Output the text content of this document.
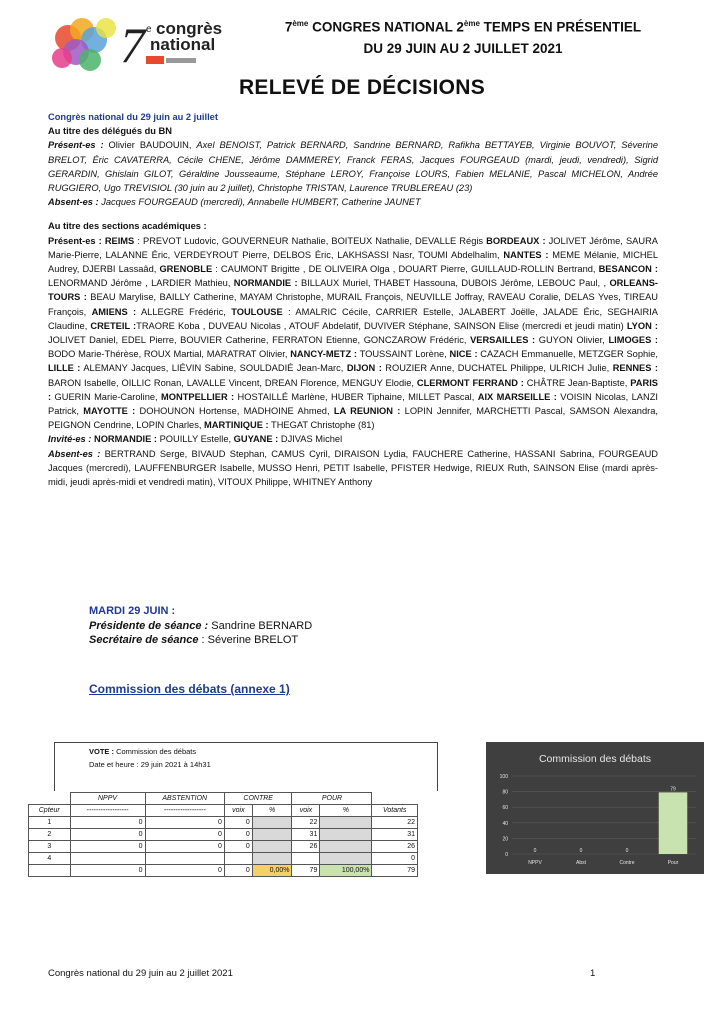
7 e congrès
national
7ème CONGRES NATIONAL 2ème TEMPS EN PRÉSENTIEL
DU 29 JUIN AU 2 JUILLET 2021
RELEVÉ DE DÉCISIONS

Congrès national du 29 juin au 2 juillet

Au titre des délégués du BN

Présent-es : Olivier BAUDOUIN, Axel BENOIST, Patrick BERNARD, Sandrine BERNARD, Rafikha BETTAYEB, Virginie BOUVOT, Séverine BRELOT, Éric CAVATERRA, Cécile CHENE, Jérôme DAMMEREY, Franck FERAS, Jacques FOURGEAUD (mardi, jeudi, vendredi), Sigrid GERARDIN, Ghislain GILOT, Géraldine Jousseaume, Stéphane LEROY, Françoise LOURS, Fabien MELANIE, Pascal MICHELON, Andrée RUGGIERO, Ugo TREVISIOL (30 juin au 2 juillet), Christophe TRISTAN, Laurence TRUBLEREAU (23)

Absent-es : Jacques FOURGEAUD (mercredi), Annabelle HUMBERT, Catherine JAUNET

Au titre des sections académiques :

Présent-es : REIMS : PREVOT Ludovic, GOUVERNEUR Nathalie, BOITEUX Nathalie, DEVALLE Régis BORDEAUX : JOLIVET Jérôme, SAURA Marie-Pierre, LALANNE Éric, VERDEYROUT Pierre, DELBOS Éric, LAKHSASSI Nasr, TOUMI Abdelhalim, NANTES : MEME Mélanie, MICHEL Audrey, DJERBI Lassaâd, GRENOBLE : CAUMONT Brigitte , DE OLIVEIRA Olga , DOUART Pierre, GUILLAUD-ROLLIN Bertrand, BESANCON : LENORMAND Jérôme , LARDIER Mathieu, NORMANDIE : BILLAUX Muriel, THABET Hassouna, DUBOIS Jérôme, LEBOUC Paul, , ORLEANS-TOURS : BEAU Marylise, BAILLY Catherine, MAYAM Christophe, MURAIL François, NEUVILLE Joffray, RAVEAU Coralie, DELAS Yves, TIREAU François, AMIENS : ALLEGRE Frédéric, TOULOUSE : AMALRIC Cécile, CARRIER Estelle, JALABERT Joëlle, JALADE Éric, SEGHAIRIA Claudine, CRETEIL :TRAORE Koba , DUVEAU Nicolas , ATOUF Abdelatif, DUVIVER Stéphane, SAINSON Elise (mercredi et jeudi matin) LYON : JOLIVET Daniel, EDEL Pierre, BOUVIER Catherine, FERRATON Etienne, GONCZAROW Frédéric, VERSAILLES : GUYON Olivier, LIMOGES : BODO Marie-Thérèse, ROUX Martial, MARATRAT Olivier, NANCY-METZ : TOUSSAINT Lorène, NICE : CAZACH Emmanuelle, METZGER Sophie, LILLE : ALEMANY Jacques, LIÉVIN Sabine, SOULDADIÉ Jean-Marc, DIJON : ROUZIER Anne, DUCHATEL Philippe, ULRICH Julie, RENNES : BARON Isabelle, OILLIC Ronan, LAVALLE Vincent, DREAN Florence, MENGUY Elodie, CLERMONT FERRAND : CHÂTRE Jean-Baptiste, PARIS : GUERIN Marie-Caroline, MONTPELLIER : HOSTAILLÉ Marlène, HUBER Tiphaine, MILLET Pascal, AIX MARSEILLE : VOISIN Nicolas, LANZI Patrick, MAYOTTE : DOHOUNON Hortense, MADHOINE Ahmed, LA REUNION : LOPIN Jennifer, MARCHETTI Pascal, SAMSON Alexandra, PEIGNON Cendrine, LOPIN Charles, MARTINIQUE : THEGAT Christophe (81)

Invité-es : NORMANDIE : POUILLY Estelle, GUYANE : DJIVAS Michel

Absent-es : BERTRAND Serge, BIVAUD Stephan, CAMUS Cyril, DIRAISON Lydia, FAUCHERE Catherine, HASSANI Sabrina, FOURGEAUD Jacques (mercredi), LAUFFENBURGER Isabelle, MUSSO Henri, PETIT Isabelle, PFISTER Hedwige, RIEUX Ruth, SAINSON Elise (mardi après-midi, jeudi après-midi et vendredi matin), VITOUX Philippe, WHITNEY Anthony

MARDI 29 JUIN :
Présidente de séance : Sandrine BERNARD
Secrétaire de séance : Séverine BRELOT
Commission des débats (annexe 1)
VOTE : Commission des débats
Date et heure : 29 juin 2021 à 14h31
	NPPV	ABSTENTION	CONTRE		POUR		
Cpteur	------------------	------------------	voix	%	voix	%	Votants
1	0	0	0		22		22
2	0	0	0		31		31
3	0	0	0		26		26
4							0
	0	0	0	0,00%	79	100,00%	79
Commission des débats
0
20
40
60
80
100
0
NPPV
0
Abst
0
Contre
79
Pour
Congrès national du 29 juin au 2 juillet 2021	1
